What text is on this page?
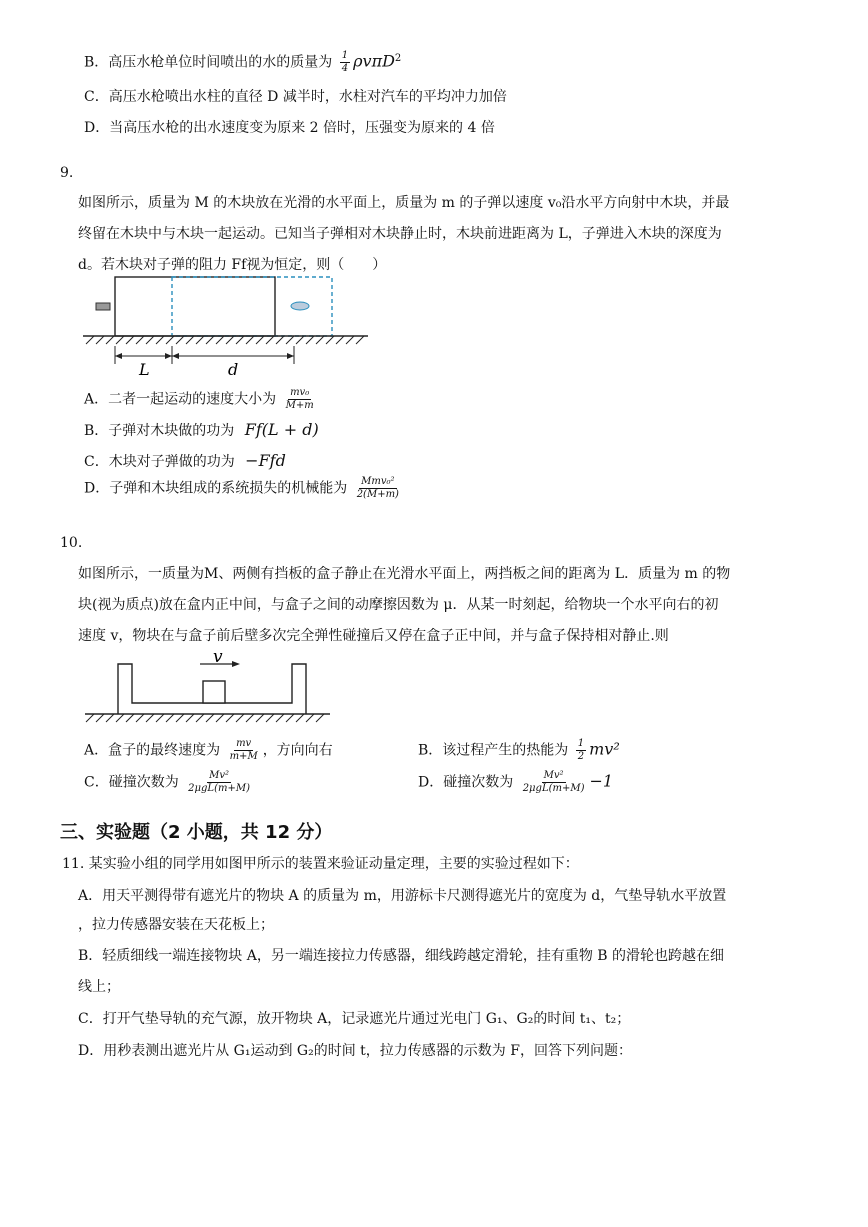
B．高压水枪单位时间喷出的水的质量为 $\frac{1}{4} \rho v\pi D^2$
C．高压水枪喷出水柱的直径 D 减半时，水柱对汽车的平均冲力加倍
D．当高压水枪的出水速度变为原来 2 倍时，压强变为原来的 4 倍
9.
如图所示，质量为 M 的木块放在光滑的水平面上，质量为 m 的子弹以速度 v₀沿水平方向射中木块，并最
终留在木块中与木块一起运动。已知当子弹相对木块静止时，木块前进距离为 L，子弹进入木块的深度为
d。若木块对子弹的阻力 Ff视为恒定，则（　　）
L	d
A．二者一起运动的速度大小为 $\frac{\text{mv₀}}{M+m}$
B．子弹对木块做的功为 Ff(L + d)
C．木块对子弹做的功为 −Ffd
D．子弹和木块组成的系统损失的机械能为 $\frac{\text{Mmv₀²}}{2(M+m)}$
10.
如图所示，一质量为M、两侧有挡板的盒子静止在光滑水平面上，两挡板之间的距离为 L．质量为 m 的物
块(视为质点)放在盒内正中间，与盒子之间的动摩擦因数为 μ．从某一时刻起，给物块一个水平向右的初
速度 v，物块在与盒子前后壁多次完全弹性碰撞后又停在盒子正中间，并与盒子保持相对静止.则
v
A．盒子的最终速度为 $\frac{mv}{m+M}$ ，方向向右	B．该过程产生的热能为 $\frac{1}{2} mv^2$
C．碰撞次数为 $\frac{\text{Mv²}}{\text{2μgL(m+M)}}$	D．碰撞次数为 $\frac{\text{Mv²}}{\text{2μgL(m+M)}} -1$
三、实验题（2 小题，共 12 分）
11. 某实验小组的同学用如图甲所示的装置来验证动量定理，主要的实验过程如下：
A．用天平测得带有遮光片的物块 A 的质量为 m，用游标卡尺测得遮光片的宽度为 d，气垫导轨水平放置
，拉力传感器安装在天花板上；
B．轻质细线一端连接物块 A，另一端连接拉力传感器，细线跨越定滑轮，挂有重物 B 的滑轮也跨越在细
线上；
C．打开气垫导轨的充气源，放开物块 A，记录遮光片通过光电门 G₁、G₂的时间 t₁、t₂；
D．用秒表测出遮光片从 G₁运动到 G₂的时间 t，拉力传感器的示数为 F，回答下列问题：
